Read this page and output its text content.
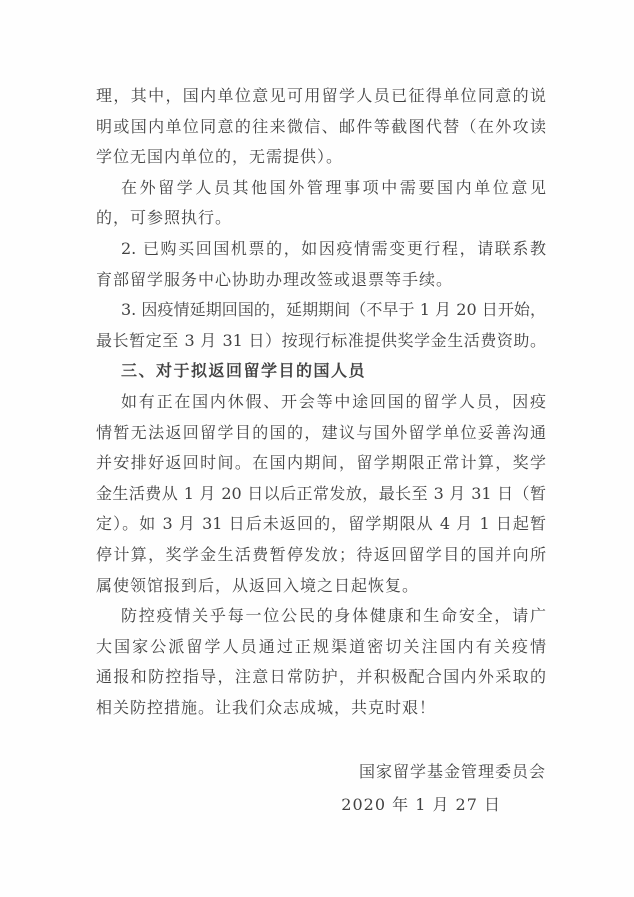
理，其中，国内单位意见可用留学人员已征得单位同意的说
明或国内单位同意的往来微信、邮件等截图代替（在外攻读
学位无国内单位的，无需提供）。
在外留学人员其他国外管理事项中需要国内单位意见
的，可参照执行。
2. 已购买回国机票的，如因疫情需变更行程，请联系教
育部留学服务中心协助办理改签或退票等手续。
3. 因疫情延期回国的，延期期间（不早于 1 月 20 日开始，
最长暂定至 3 月 31 日）按现行标准提供奖学金生活费资助。
三、对于拟返回留学目的国人员
如有正在国内休假、开会等中途回国的留学人员，因疫
情暂无法返回留学目的国的，建议与国外留学单位妥善沟通
并安排好返回时间。在国内期间，留学期限正常计算，奖学
金生活费从 1 月 20 日以后正常发放，最长至 3 月 31 日（暂
定）。如 3 月 31 日后未返回的，留学期限从 4 月 1 日起暂
停计算，奖学金生活费暂停发放；待返回留学目的国并向所
属使领馆报到后，从返回入境之日起恢复。
防控疫情关乎每一位公民的身体健康和生命安全，请广
大国家公派留学人员通过正规渠道密切关注国内有关疫情
通报和防控指导，注意日常防护，并积极配合国内外采取的
相关防控措施。让我们众志成城，共克时艰！
国家留学基金管理委员会
2020 年 1 月 27 日
